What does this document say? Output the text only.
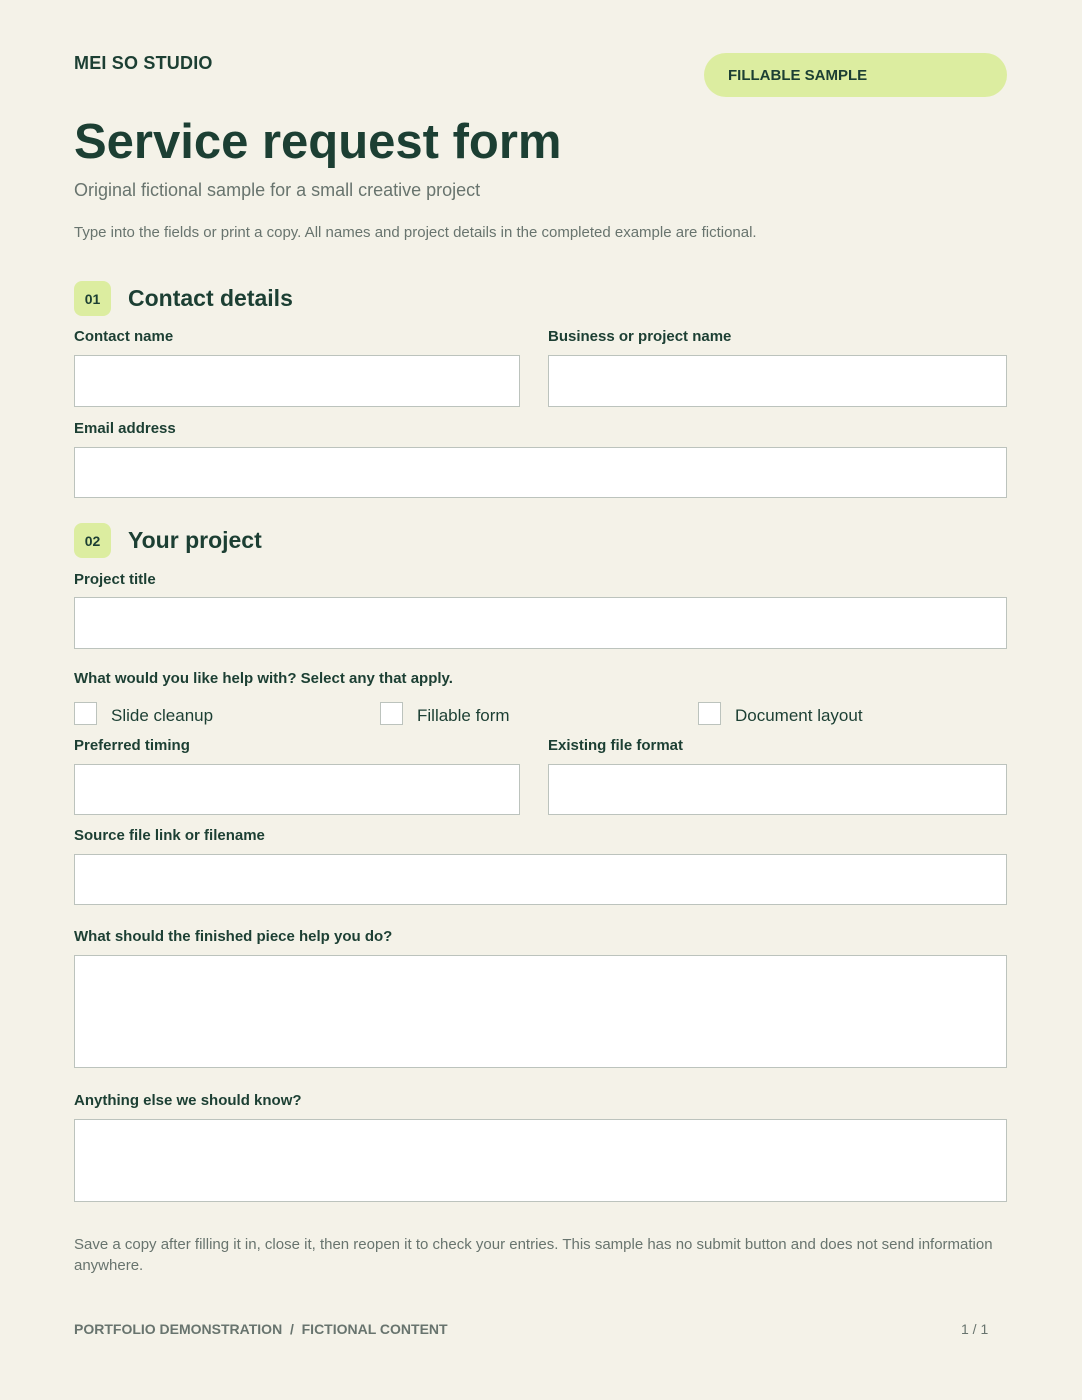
MEI SO STUDIO
FILLABLE SAMPLE
Service request form
Original fictional sample for a small creative project
Type into the fields or print a copy. All names and project details in the completed example are fictional.
01	Contact details
Contact name	Business or project name
Email address
02	Your project
Project title
What would you like help with? Select any that apply.
Slide cleanup	Fillable form	Document layout
Preferred timing	Existing file format
Source file link or filename
What should the finished piece help you do?
Anything else we should know?
Save a copy after filling it in, close it, then reopen it to check your entries. This sample has no submit button and does not send information anywhere.
PORTFOLIO DEMONSTRATION  /  FICTIONAL CONTENT	1 / 1
